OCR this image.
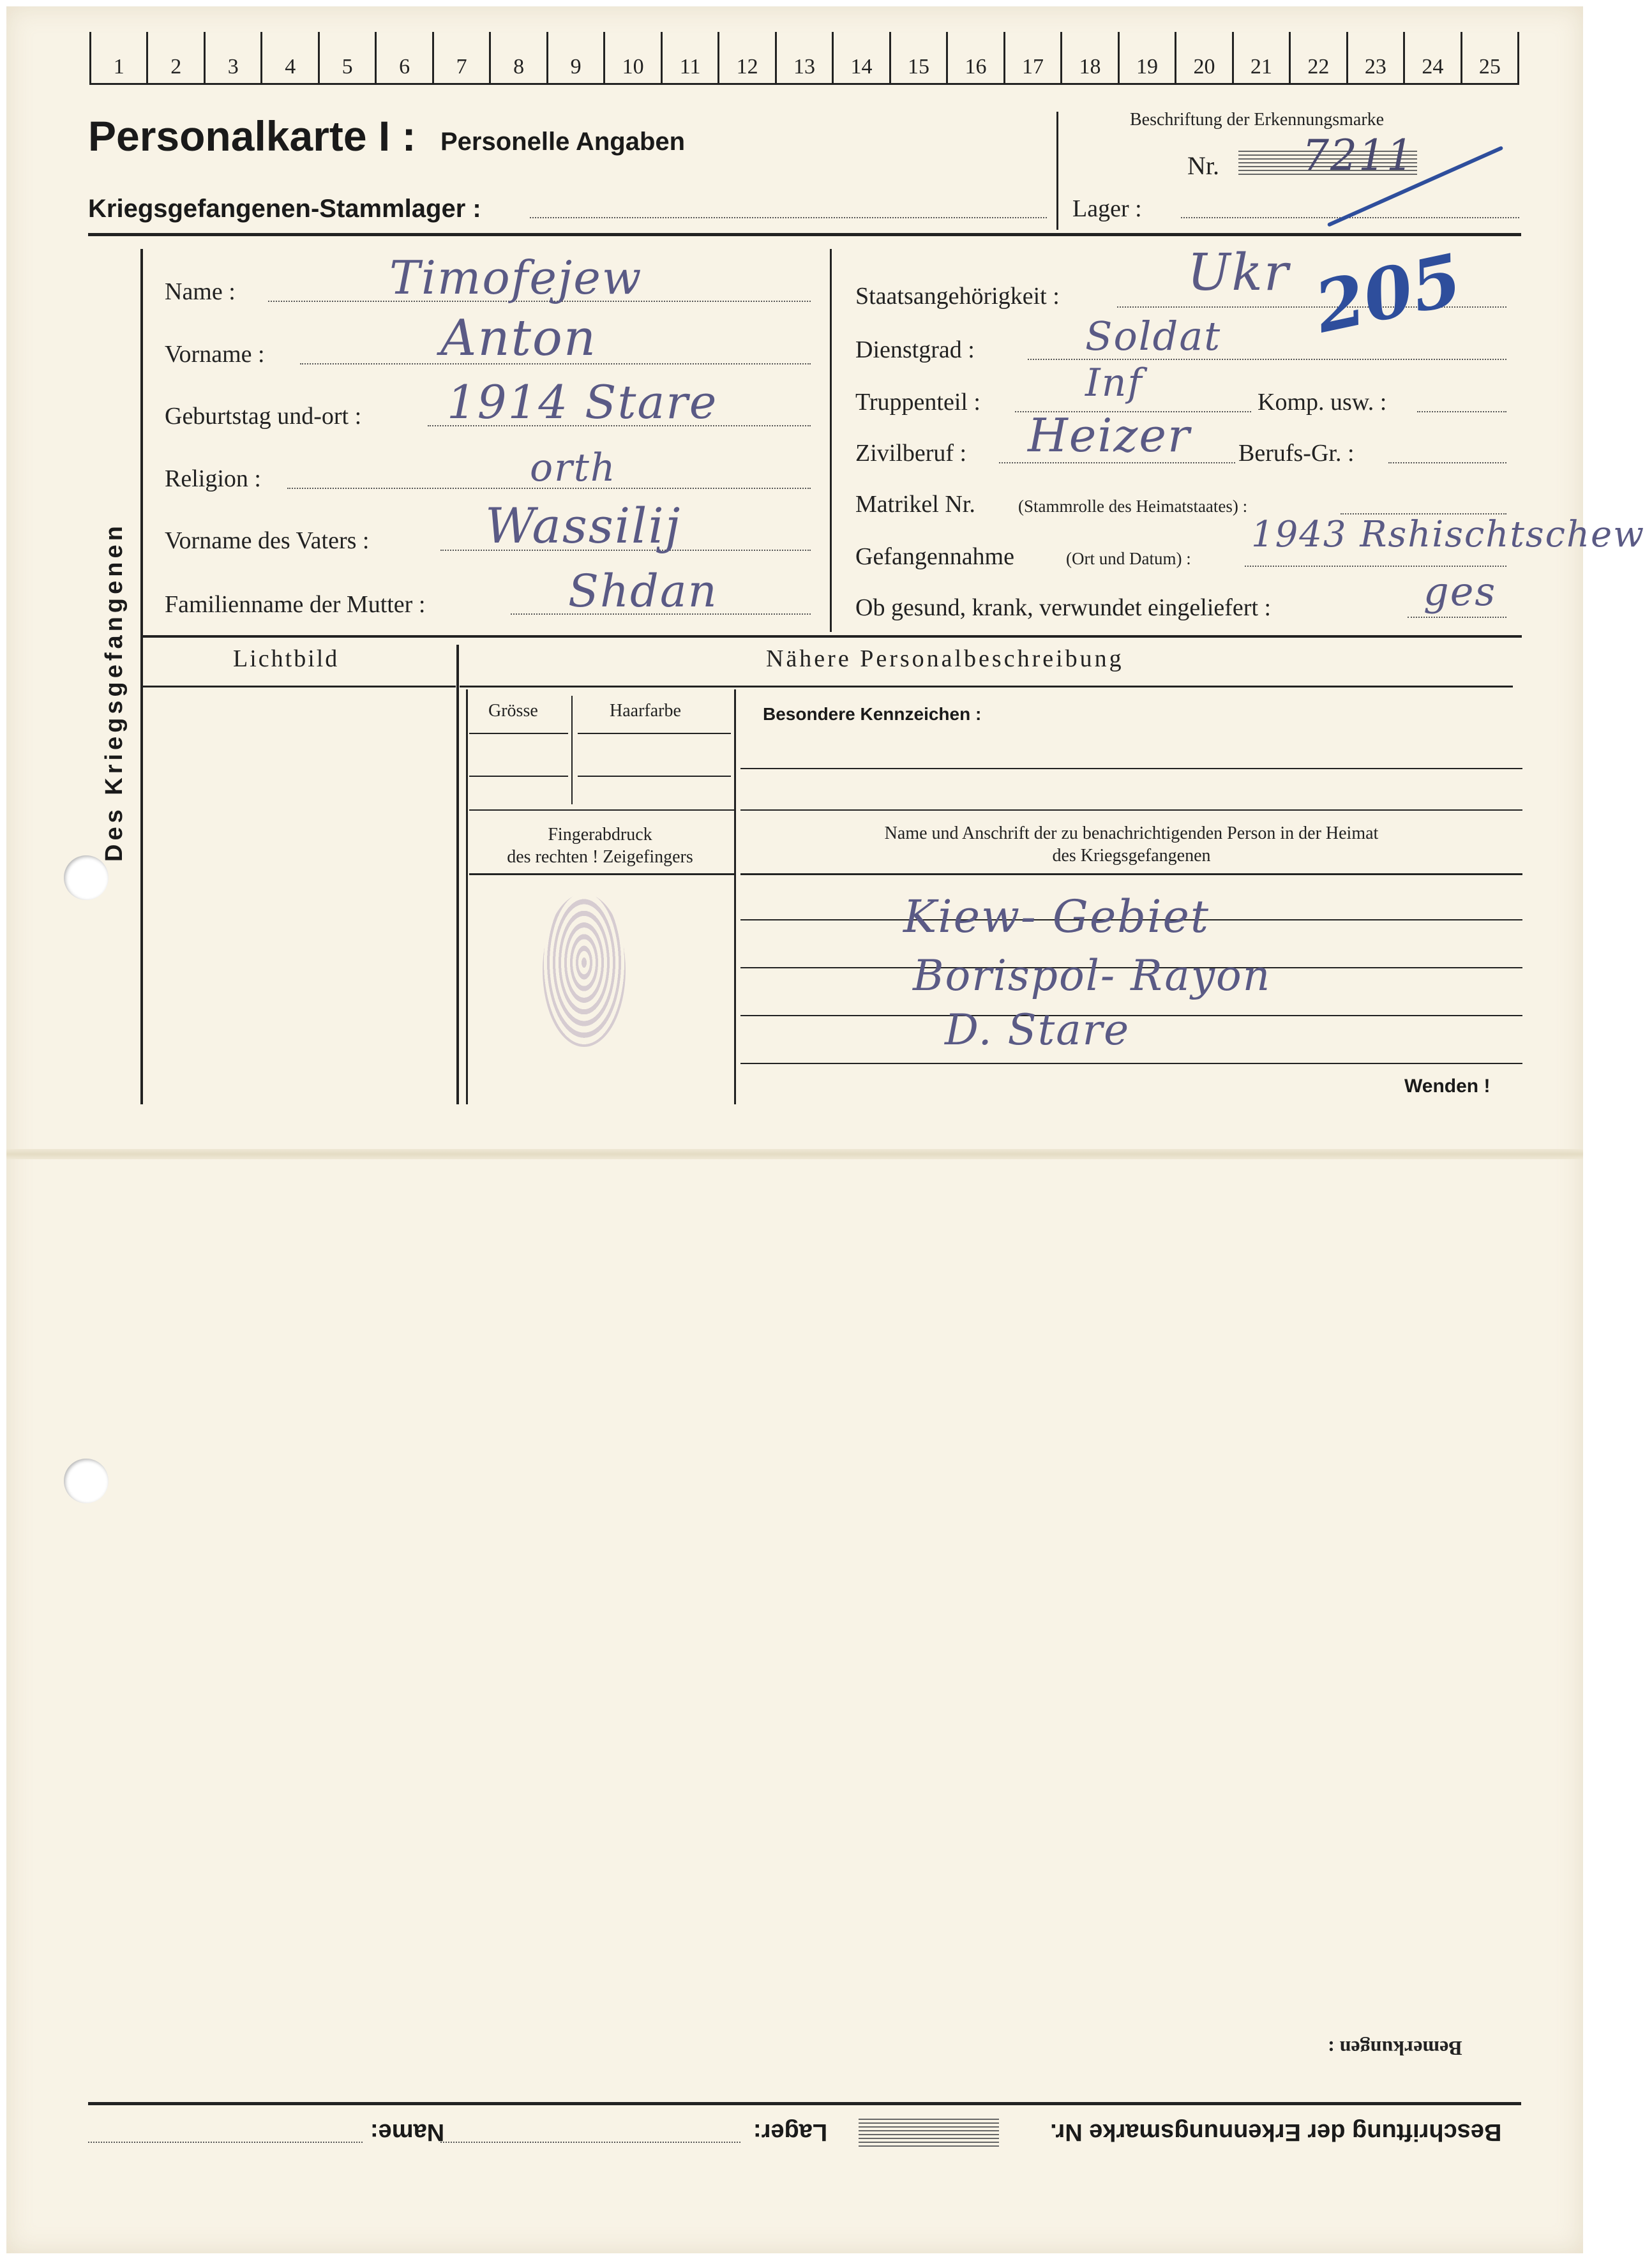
1	2	3	4	5	6	7	8	9	10	11	12	13	14	15	16	17	18	19	20	21	22	23	24	25
Personalkarte I : Personelle Angaben
Kriegsgefangenen-Stammlager :
Beschriftung der Erkennungsmarke
Nr. 7211
Lager :
Des Kriegsgefangenen
Name :	Timofejew
Vorname :	Anton
Geburtstag und-ort : 1914 Stare
Religion :	orth
Vorname des Vaters : Wassilij
Familienname der Mutter :	Shdan
Staatsangehörigkeit :	Ukr
Dienstgrad :	Soldat
Truppenteil :	Inf	Komp. usw. :
Zivilberuf : Heizer Berufs-Gr. :
Matrikel Nr. (Stammrolle des Heimatstaates) :
Gefangennahme	(Ort und Datum) :
1943 Rshischtschew
Ob gesund, krank, verwundet eingeliefert :	ges
205
Lichtbild	Nähere Personalbeschreibung
Grösse	Haarfarbe	Besondere Kennzeichen :
Fingerabdruck
des rechten ! Zeigefingers
Name und Anschrift der zu benachrichtigenden Person in der Heimat
des Kriegsgefangenen
Kiew- Gebiet
Borispol- Rayon
D. Stare
Wenden !
Bemerkungen :
Beschriftung der Erkennungsmarke Nr.
Lager:
Name:
